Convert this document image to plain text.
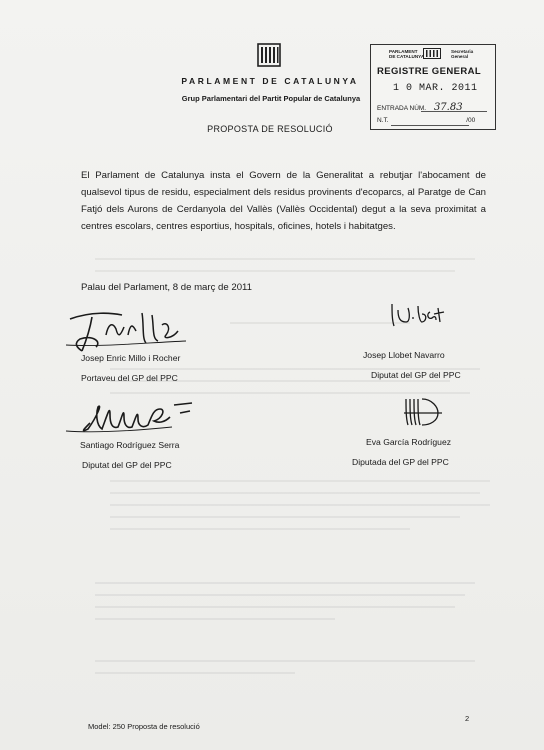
PARLAMENT DE CATALUNYA
Grup Parlamentari del Partit Popular de Catalunya
PROPOSTA DE RESOLUCIÓ
PARLAMENT
DE CATALUNYA
Secretaria
General
REGISTRE GENERAL
1 0 MAR. 2011
ENTRADA NÚM. 37.83
N.T.	/00
El Parlament de Catalunya insta el Govern de la Generalitat a rebutjar l'abocament de qualsevol tipus de residu, especialment dels residus provinents d'ecoparcs, al Paratge de Can Fatjó dels Aurons de Cerdanyola del Vallès (Vallès Occidental) degut a la seva proximitat a centres escolars, centres esportius, hospitals, oficines, hotels i habitatges.
Palau del Parlament, 8 de març de 2011
Josep Enric Millo i Rocher
Portaveu del GP del PPC
Josep Llobet Navarro
Diputat del GP del PPC
Santiago Rodríguez Serra
Diputat del GP del PPC
Eva García Rodríguez
Diputada del GP del PPC
Model: 250 Proposta de resolució
2
